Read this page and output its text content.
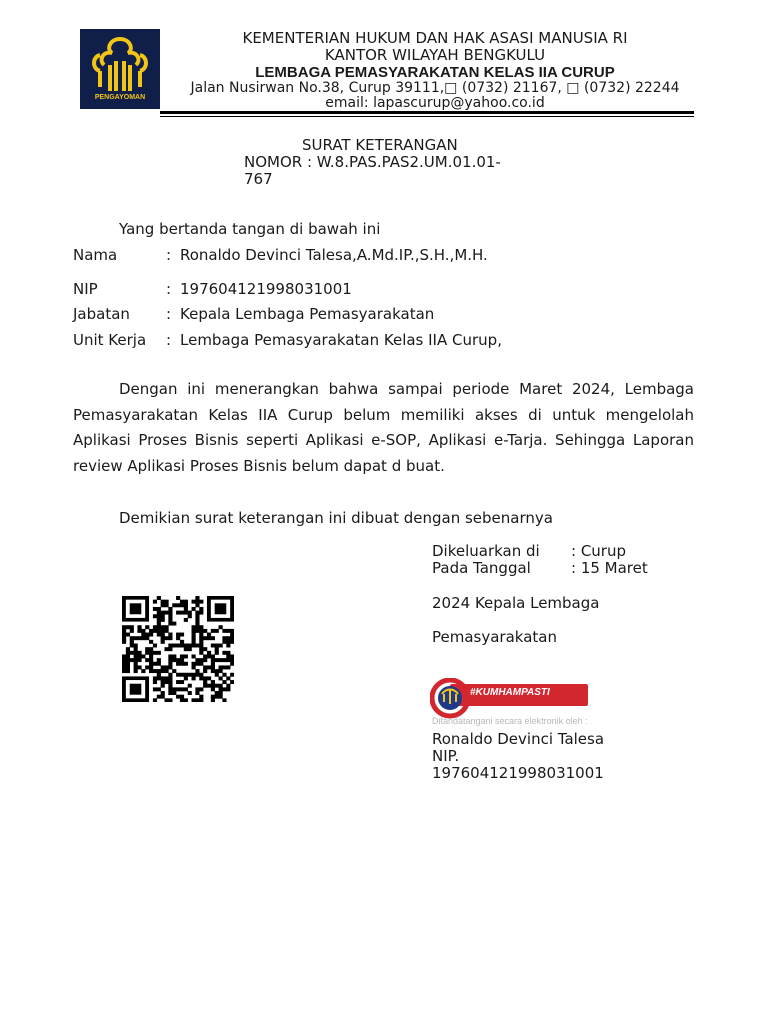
PENGAYOMAN
KEMENTERIAN HUKUM DAN HAK ASASI MANUSIA RI
KANTOR WILAYAH BENGKULU
LEMBAGA PEMASYARAKATAN KELAS IIA CURUP
Jalan Nusirwan No.38, Curup 39111,□ (0732) 21167, □ (0732) 22244
email: lapascurup@yahoo.co.id
SURAT KETERANGAN
NOMOR : W.8.PAS.PAS2.UM.01.01-
767
Yang bertanda tangan di bawah ini
Nama	: Ronaldo Devinci Talesa,A.Md.IP.,S.H.,M.H.
NIP	: 197604121998031001
Jabatan : Kepala Lembaga Pemasyarakatan
Unit Kerja : Lembaga Pemasyarakatan Kelas IIA Curup,
Dengan ini menerangkan bahwa sampai periode Maret 2024, Lembaga
Pemasyarakatan Kelas IIA Curup belum memiliki akses di untuk mengelolah
Aplikasi Proses Bisnis seperti Aplikasi e-SOP, Aplikasi e-Tarja. Sehingga Laporan
review Aplikasi Proses Bisnis belum dapat d buat.
Demikian surat keterangan ini dibuat dengan sebenarnya
Dikeluarkan di : Curup
Pada Tanggal	: 15 Maret
2024 Kepala Lembaga
Pemasyarakatan
#KUMHAMPASTI
Ditandatangani secara elektronik oleh :
Ronaldo Devinci Talesa
NIP.
197604121998031001
